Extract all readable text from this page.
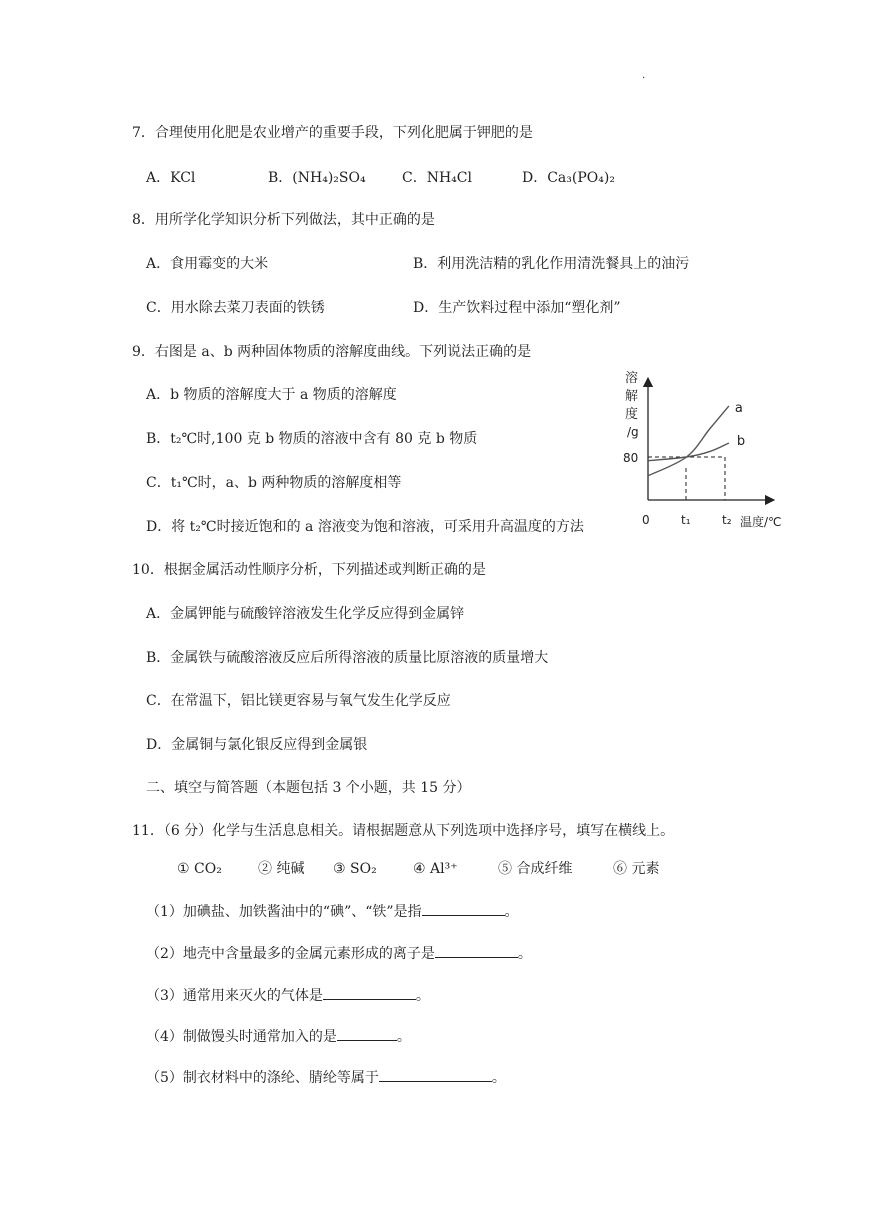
.
7．合理使用化肥是农业增产的重要手段，下列化肥属于钾肥的是
A．KCl	B．(NH₄)₂SO₄	C．NH₄Cl	D．Ca₃(PO₄)₂
8．用所学化学知识分析下列做法，其中正确的是
A．食用霉变的大米	B．利用洗洁精的乳化作用清洗餐具上的油污
C．用水除去菜刀表面的铁锈	D．生产饮料过程中添加“塑化剂”
9．右图是 a、b 两种固体物质的溶解度曲线。下列说法正确的是
A．b 物质的溶解度大于 a 物质的溶解度
B．t₂℃时,100 克 b 物质的溶液中含有 80 克 b 物质
C．t₁℃时，a、b 两种物质的溶解度相等
D．将 t₂℃时接近饱和的 a 溶液变为饱和溶液，可采用升高温度的方法
溶
解
度
/g
80
0	t₁	t₂ 温度/℃
a
b
10．根据金属活动性顺序分析，下列描述或判断正确的是
A．金属钾能与硫酸锌溶液发生化学反应得到金属锌
B．金属铁与硫酸溶液反应后所得溶液的质量比原溶液的质量增大
C．在常温下，铝比镁更容易与氧气发生化学反应
D．金属铜与氯化银反应得到金属银
二、填空与简答题（本题包括 3 个小题，共 15 分）
11．（6 分）化学与生活息息相关。请根据题意从下列选项中选择序号，填写在横线上。
① CO₂	② 纯碱 ③ SO₂	④ Al³⁺	⑤ 合成纤维	⑥ 元素
（1）加碘盐、加铁酱油中的“碘”、“铁”是指	。
（2）地壳中含量最多的金属元素形成的离子是	。
（3）通常用来灭火的气体是	。
（4）制做馒头时通常加入的是	。
（5）制衣材料中的涤纶、腈纶等属于	。
